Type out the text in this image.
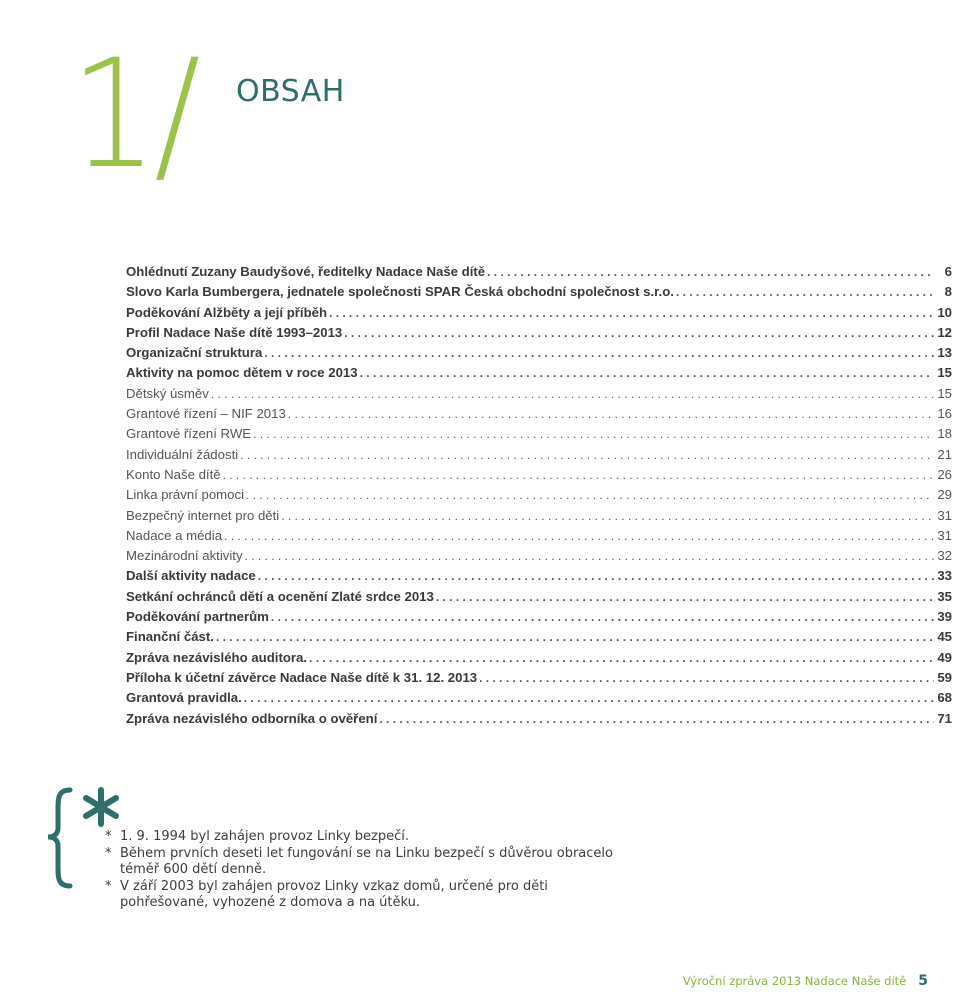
1/ OBSAH
Ohlédnutí Zuzany Baudyšové, ředitelky Nadace Naše dítě . . .	6
Slovo Karla Bumbergera, jednatele společnosti SPAR Česká obchodní společnost s.r.o. . . .	8
Poděkování Alžběty a její příběh . . .	10
Profil Nadace Naše dítě 1993–2013 . . .	12
Organizační struktura . . .	13
Aktivity na pomoc dětem v roce 2013 . . .	15
Dětský úsměv . . .	15
Grantové řízení – NIF 2013 . . .	16
Grantové řízení RWE . . .	18
Individuální žádosti . . .	21
Konto Naše dítě . . .	26
Linka právní pomoci . . .	29
Bezpečný internet pro děti . . .	31
Nadace a média . . .	31
Mezinárodní aktivity . . .	32
Další aktivity nadace . . .	33
Setkání ochránců dětí a ocenění Zlaté srdce 2013 . . .	35
Poděkování partnerům . . .	39
Finanční část. . . .	45
Zpráva nezávislého auditora. . . .	49
Příloha k účetní závěrce Nadace Naše dítě k 31. 12. 2013 . . .	59
Grantová pravidla. . . .	68
Zpráva nezávislého odborníka o ověření . . .	71
* 1. 9. 1994 byl zahájen provoz Linky bezpečí.
* Během prvních deseti let fungování se na Linku bezpečí s důvěrou obracelo téměř 600 dětí denně.
* V září 2003 byl zahájen provoz Linky vzkaz domů, určené pro děti pohřešované, vyhozené z domova a na útěku.
Výroční zpráva 2013 Nadace Naše dítě 5
